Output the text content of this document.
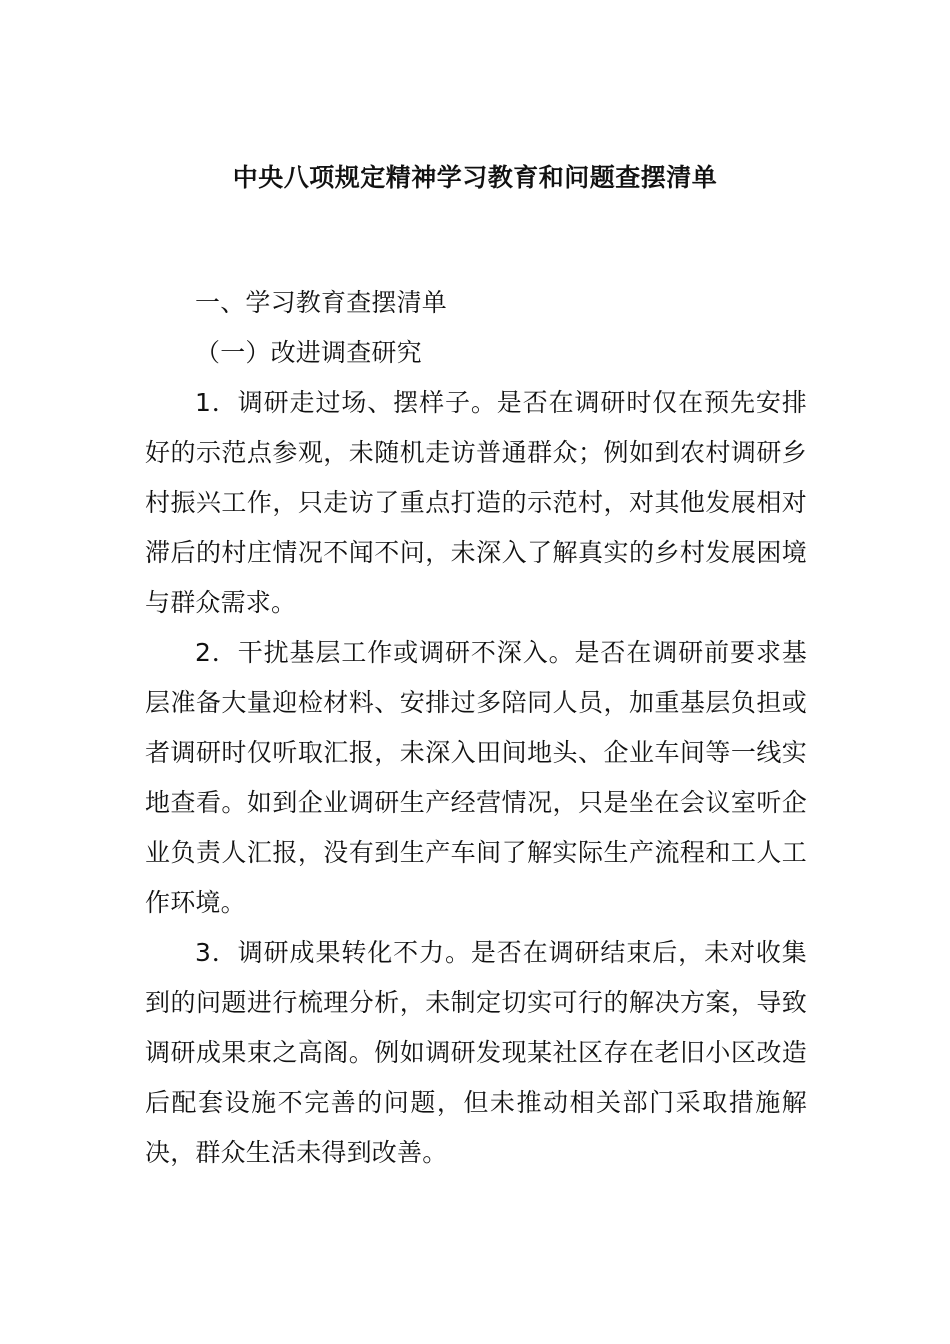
中央八项规定精神学习教育和问题查摆清单

一、学习教育查摆清单

（一）改进调查研究

1．调研走过场、摆样子。是否在调研时仅在预先安排好的示范点参观，未随机走访普通群众；例如到农村调研乡村振兴工作，只走访了重点打造的示范村，对其他发展相对滞后的村庄情况不闻不问，未深入了解真实的乡村发展困境与群众需求。

2．干扰基层工作或调研不深入。是否在调研前要求基层准备大量迎检材料、安排过多陪同人员，加重基层负担或者调研时仅听取汇报，未深入田间地头、企业车间等一线实地查看。如到企业调研生产经营情况，只是坐在会议室听企业负责人汇报，没有到生产车间了解实际生产流程和工人工作环境。

3．调研成果转化不力。是否在调研结束后，未对收集到的问题进行梳理分析，未制定切实可行的解决方案，导致调研成果束之高阁。例如调研发现某社区存在老旧小区改造后配套设施不完善的问题，但未推动相关部门采取措施解决，群众生活未得到改善。
